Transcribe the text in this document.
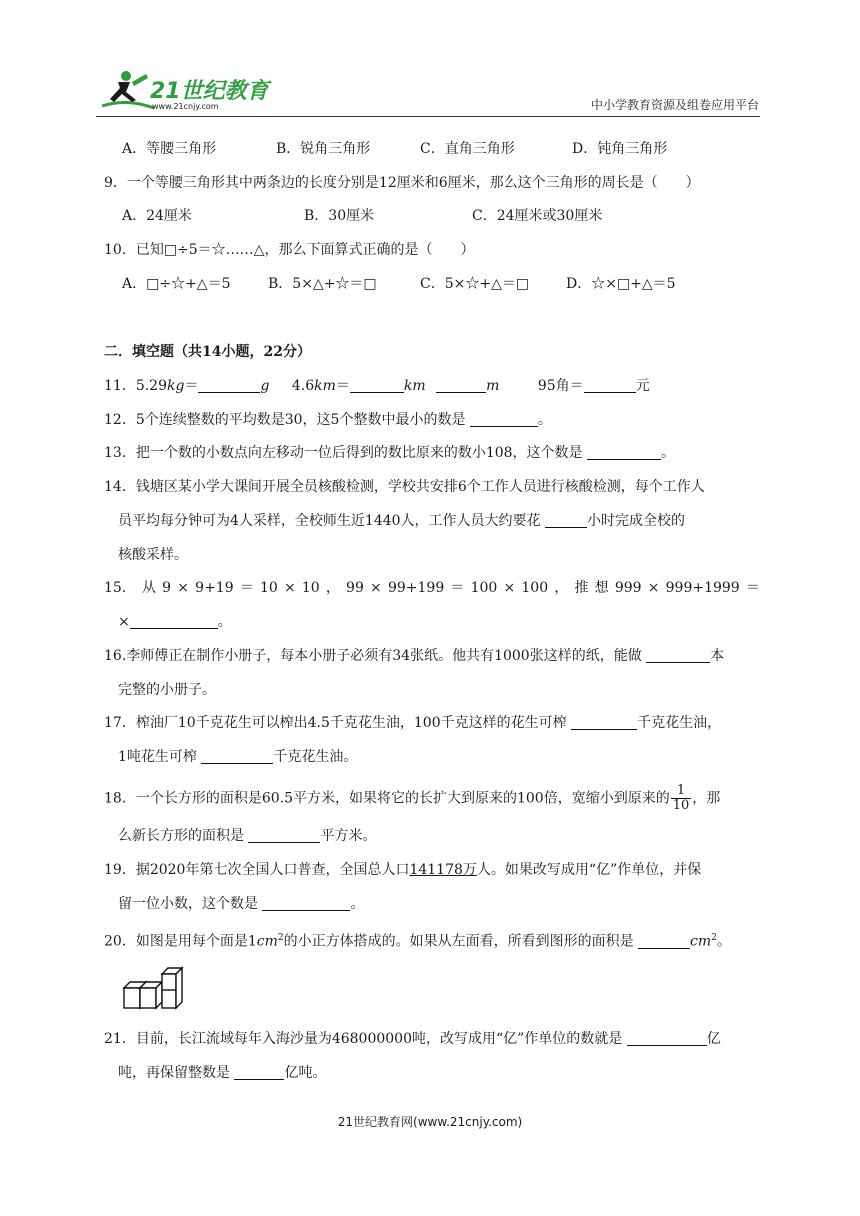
21世纪教育
www.21cnjy.com	中小学教育资源及组卷应用平台
A．等腰三角形	B．锐角三角形	C．直角三角形	D．钝角三角形
9．一个等腰三角形其中两条边的长度分别是12厘米和6厘米，那么这个三角形的周长是（　　）
A．24厘米	B．30厘米	C．24厘米或30厘米
10．已知□÷5＝☆……△，那么下面算式正确的是（　　）
A．□÷☆+△＝5	B．5×△+☆＝□	C．5×☆+△＝□	D．☆×□+△＝5
二．填空题（共14小题，22分）
11．5.29kg＝	g 4.6km＝	km	m	95角＝	元
12．5个连续整数的平均数是30，这5个整数中最小的数是	。
13．把一个数的小数点向左移动一位后得到的数比原来的数小108，这个数是	。
14．钱塘区某小学大课间开展全员核酸检测，学校共安排6个工作人员进行核酸检测，每个工作人
员平均每分钟可为4人采样，全校师生近1440人，工作人员大约要花	小时完成全校的
核酸采样。
15． 从 9 × 9+19 ＝ 10 × 10 ， 99 × 99+199 ＝ 100 × 100 ， 推 想 999 × 999+1999 ＝
×	。
16.李师傅正在制作小册子，每本小册子必须有34张纸。他共有1000张这样的纸，能做	本
完整的小册子。
17．榨油厂10千克花生可以榨出4.5千克花生油，100千克这样的花生可榨	千克花生油，
1吨花生可榨	千克花生油。
18．一个长方形的面积是60.5平方米，如果将它的长扩大到原来的100倍，宽缩小到原来的 $\frac{1}{10}$ ，那
么新长方形的面积是	平方米。
19．据2020年第七次全国人口普查，全国总人口141178万人。如果改写成用“亿”作单位，并保
留一位小数，这个数是	。
20．如图是用每个面是$1cm^2$的小正方体搭成的。如果从左面看，所看到图形的面积是	$cm^2$。
21．目前，长江流域每年入海沙量为468000000吨，改写成用“亿”作单位的数就是	亿
吨，再保留整数是	亿吨。
21世纪教育网(www.21cnjy.com)
